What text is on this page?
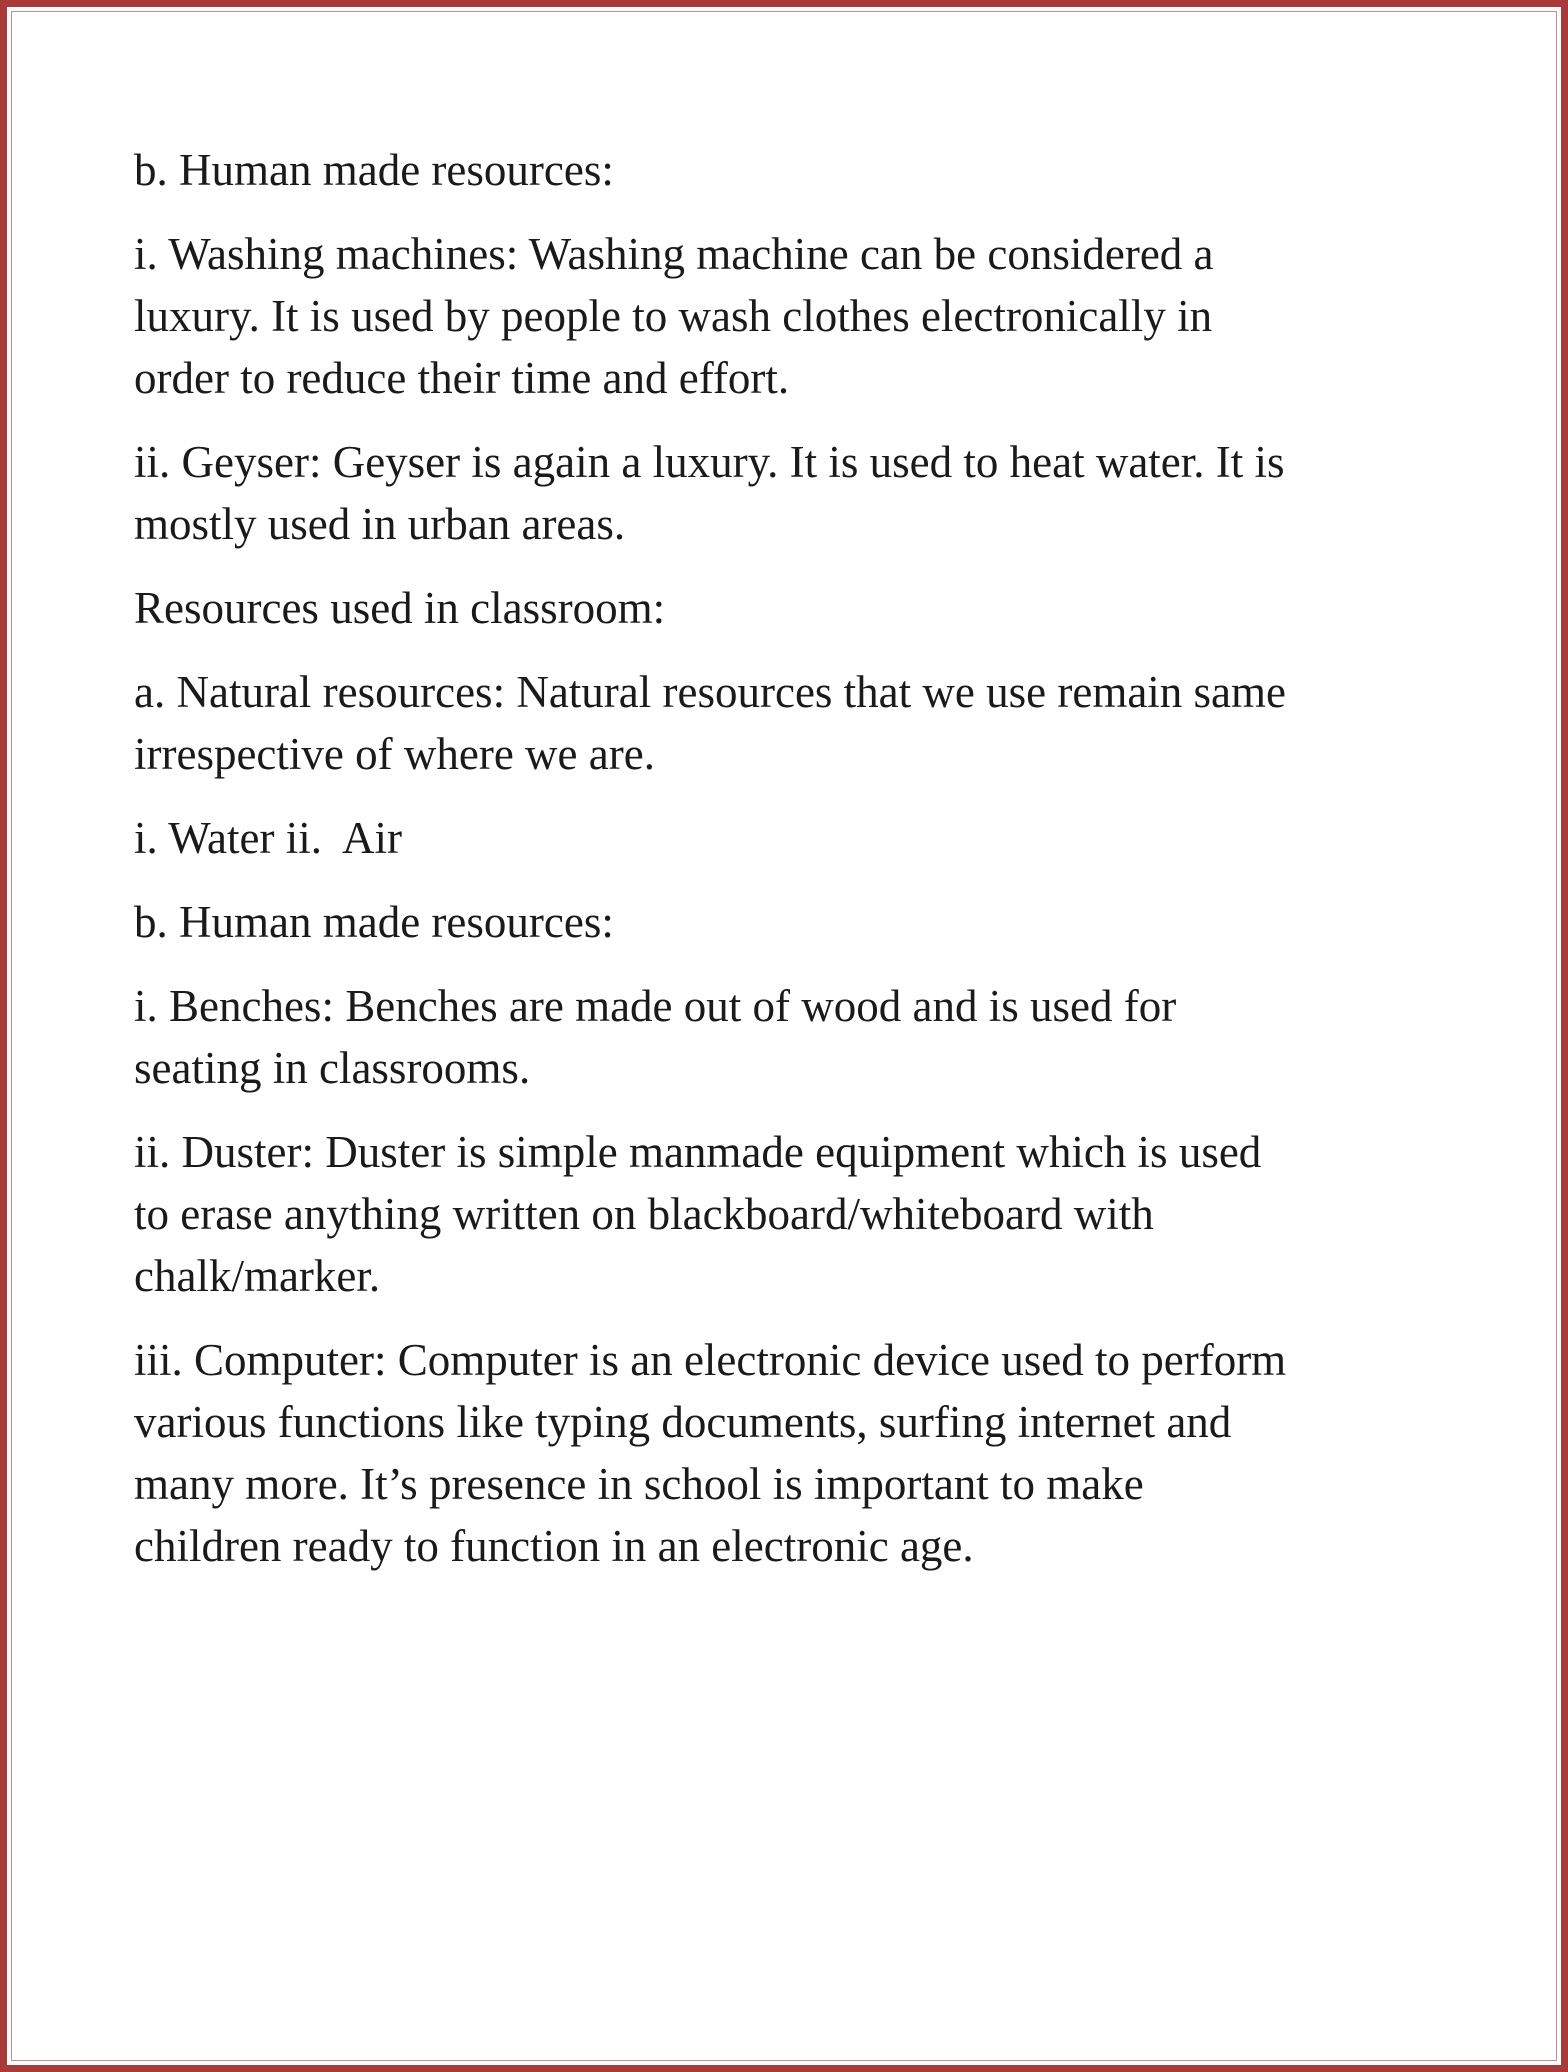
b. Human made resources:

i. Washing machines: Washing machine can be considered a
luxury. It is used by people to wash clothes electronically in
order to reduce their time and effort.

ii. Geyser: Geyser is again a luxury. It is used to heat water. It is
mostly used in urban areas.

Resources used in classroom:

a. Natural resources: Natural resources that we use remain same
irrespective of where we are.

i. Water ii.  Air

b. Human made resources:

i. Benches: Benches are made out of wood and is used for
seating in classrooms.

ii. Duster: Duster is simple manmade equipment which is used
to erase anything written on blackboard/whiteboard with
chalk/marker.

iii. Computer: Computer is an electronic device used to perform
various functions like typing documents, surfing internet and
many more. It’s presence in school is important to make
children ready to function in an electronic age.
